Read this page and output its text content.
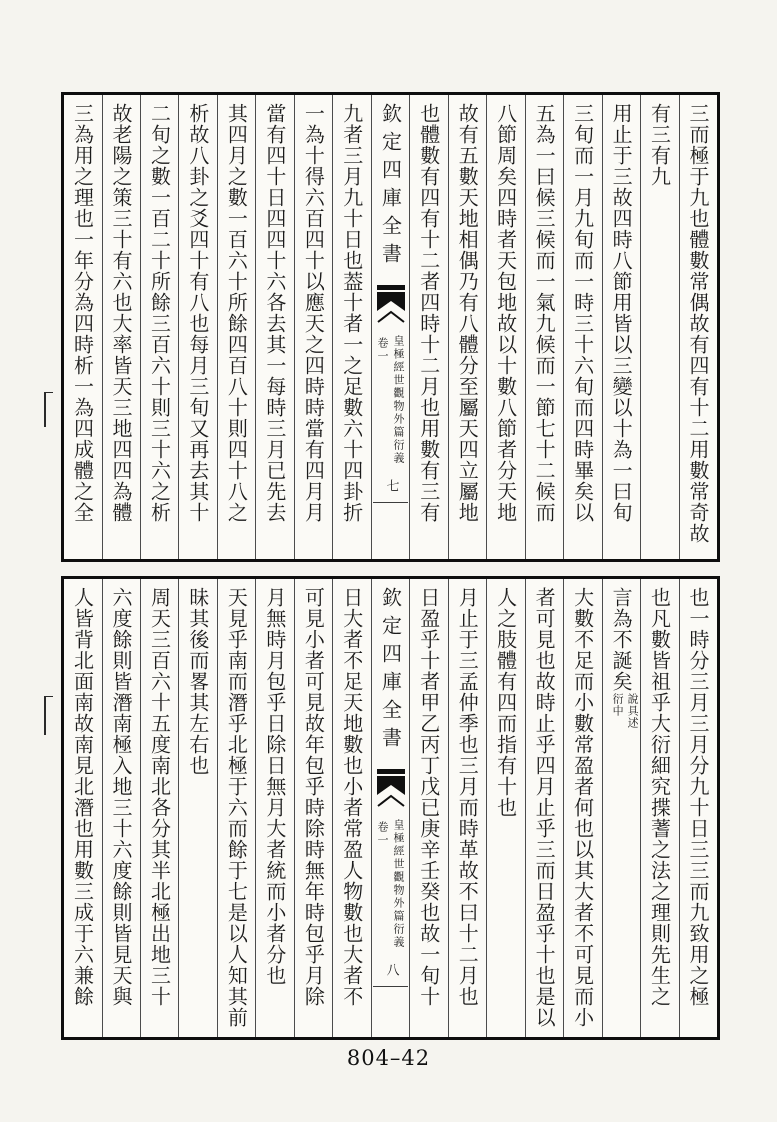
三而極于九也體數常偶故有四有十二用數常奇故
有三有九
用止于三故四時八節用皆以三變以十為一曰旬
三旬而一月九旬而一時三十六旬而四時畢矣以
五為一曰候三候而一氣九候而一節七十二候而
八節周矣四時者天包地故以十數八節者分天地
故有五數天地相偶乃有八體分至屬天四立屬地
也體數有四有十二者四時十二月也用數有三有
欽定四庫全書
卷一 皇極經世觀物外篇衍義
七
九者三月九十日也葢十者一之足數六十四卦折
一為十得六百四十以應天之四時時當有四月月
當有四十日四四十六各去其一每時三月已先去
其四月之數一百六十所餘四百八十則四十八之
析故八卦之爻四十有八也每月三旬又再去其十
二旬之數一百二十所餘三百六十則三十六之析
故老陽之策三十有六也大率皆天三地四四為體
三為用之理也一年分為四時析一為四成體之全
也一時分三月三月分九十日三三而九致用之極
也凡數皆祖乎大衍細究揲蓍之法之理則先生之
言為不誕矣
說具述
衍中
大數不足而小數常盈者何也以其大者不可見而小
者可見也故時止乎四月止乎三而日盈乎十也是以
人之肢體有四而指有十也
月止于三孟仲季也三月而時革故不曰十二月也
日盈乎十者甲乙丙丁戊已庚辛壬癸也故一旬十
欽定四庫全書
卷一 皇極經世觀物外篇衍義
八
日大者不足天地數也小者常盈人物數也大者不
可見小者可見故年包乎時除時無年時包乎月除
月無時月包乎日除日無月大者統而小者分也
天見乎南而潛乎北極于六而餘于七是以人知其前
昧其後而畧其左右也
周天三百六十五度南北各分其半北極出地三十
六度餘則皆潛南極入地三十六度餘則皆見天與
人皆背北面南故南見北潛也用數三成于六兼餘
804–42
